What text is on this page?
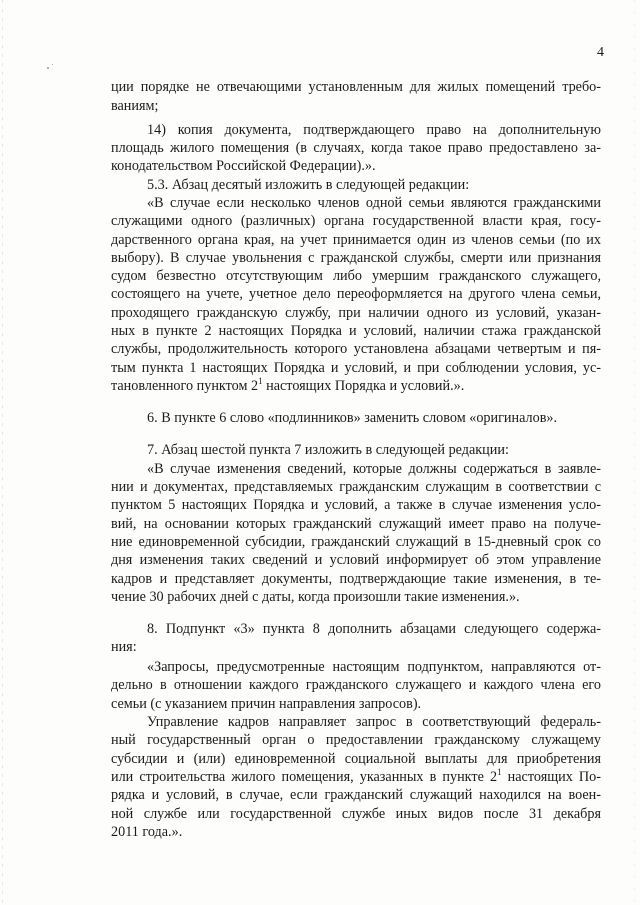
4
ции порядке не отвечающими установленным для жилых помещений требо-
ваниям;
14) копия документа, подтверждающего право на дополнительную
площадь жилого помещения (в случаях, когда такое право предоставлено за-
конодательством Российской Федерации).».
5.3. Абзац десятый изложить в следующей редакции:
«В случае если несколько членов одной семьи являются гражданскими
служащими одного (различных) органа государственной власти края, госу-
дарственного органа края, на учет принимается один из членов семьи (по их
выбору). В случае увольнения с гражданской службы, смерти или признания
судом безвестно отсутствующим либо умершим гражданского служащего,
состоящего на учете, учетное дело переоформляется на другого члена семьи,
проходящего гражданскую службу, при наличии одного из условий, указан-
ных в пункте 2 настоящих Порядка и условий, наличии стажа гражданской
службы, продолжительность которого установлена абзацами четвертым и пя-
тым пункта 1 настоящих Порядка и условий, и при соблюдении условия, ус-
тановленного пунктом $2^1$ настоящих Порядка и условий.».
6. В пункте 6 слово «подлинников» заменить словом «оригиналов».
7. Абзац шестой пункта 7 изложить в следующей редакции:
«В случае изменения сведений, которые должны содержаться в заявле-
нии и документах, представляемых гражданским служащим в соответствии с
пунктом 5 настоящих Порядка и условий, а также в случае изменения усло-
вий, на основании которых гражданский служащий имеет право на получе-
ние единовременной субсидии, гражданский служащий в 15-дневный срок со
дня изменения таких сведений и условий информирует об этом управление
кадров и представляет документы, подтверждающие такие изменения, в те-
чение 30 рабочих дней с даты, когда произошли такие изменения.».
8. Подпункт «3» пункта 8 дополнить абзацами следующего содержа-
ния:
«Запросы, предусмотренные настоящим подпунктом, направляются от-
дельно в отношении каждого гражданского служащего и каждого члена его
семьи (с указанием причин направления запросов).
Управление кадров направляет запрос в соответствующий федераль-
ный государственный орган о предоставлении гражданскому служащему
субсидии и (или) единовременной социальной выплаты для приобретения
или строительства жилого помещения, указанных в пункте $2^1$ настоящих По-
рядка и условий, в случае, если гражданский служащий находился на воен-
ной службе или государственной службе иных видов после 31 декабря
2011 года.».
